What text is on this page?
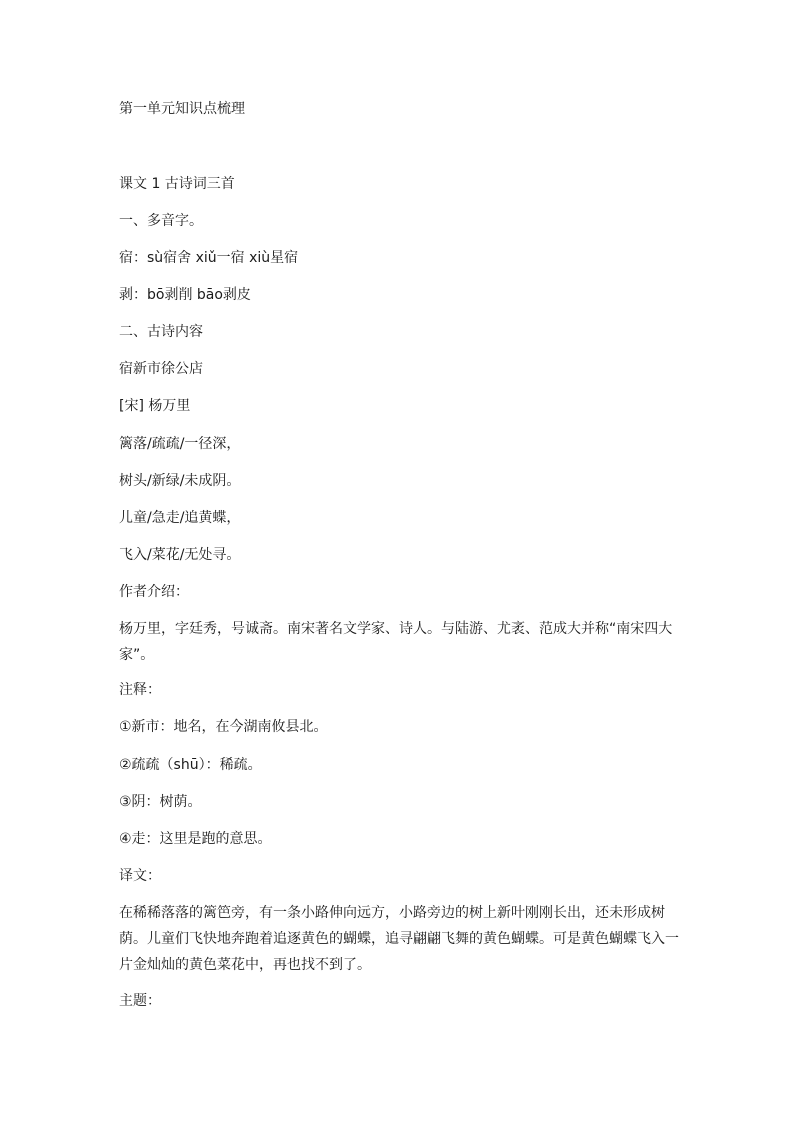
第一单元知识点梳理
课文 1 古诗词三首
一、多音字。
宿：sù宿舍 xiǔ一宿 xiù星宿
剥：bō剥削 bāo剥皮
二、古诗内容
宿新市徐公店
[宋] 杨万里
篱落/疏疏/一径深，
树头/新绿/未成阴。
儿童/急走/追黄蝶，
飞入/菜花/无处寻。
作者介绍：
杨万里，字廷秀，号诚斋。南宋著名文学家、诗人。与陆游、尤袤、范成大并称“南宋四大家”。
注释：
①新市：地名，在今湖南攸县北。
②疏疏（shū）：稀疏。
③阴：树荫。
④走：这里是跑的意思。
译文：
在稀稀落落的篱笆旁，有一条小路伸向远方，小路旁边的树上新叶刚刚长出，还未形成树荫。儿童们飞快地奔跑着追逐黄色的蝴蝶，追寻翩翩飞舞的黄色蝴蝶。可是黄色蝴蝶飞入一片金灿灿的黄色菜花中，再也找不到了。
主题：
